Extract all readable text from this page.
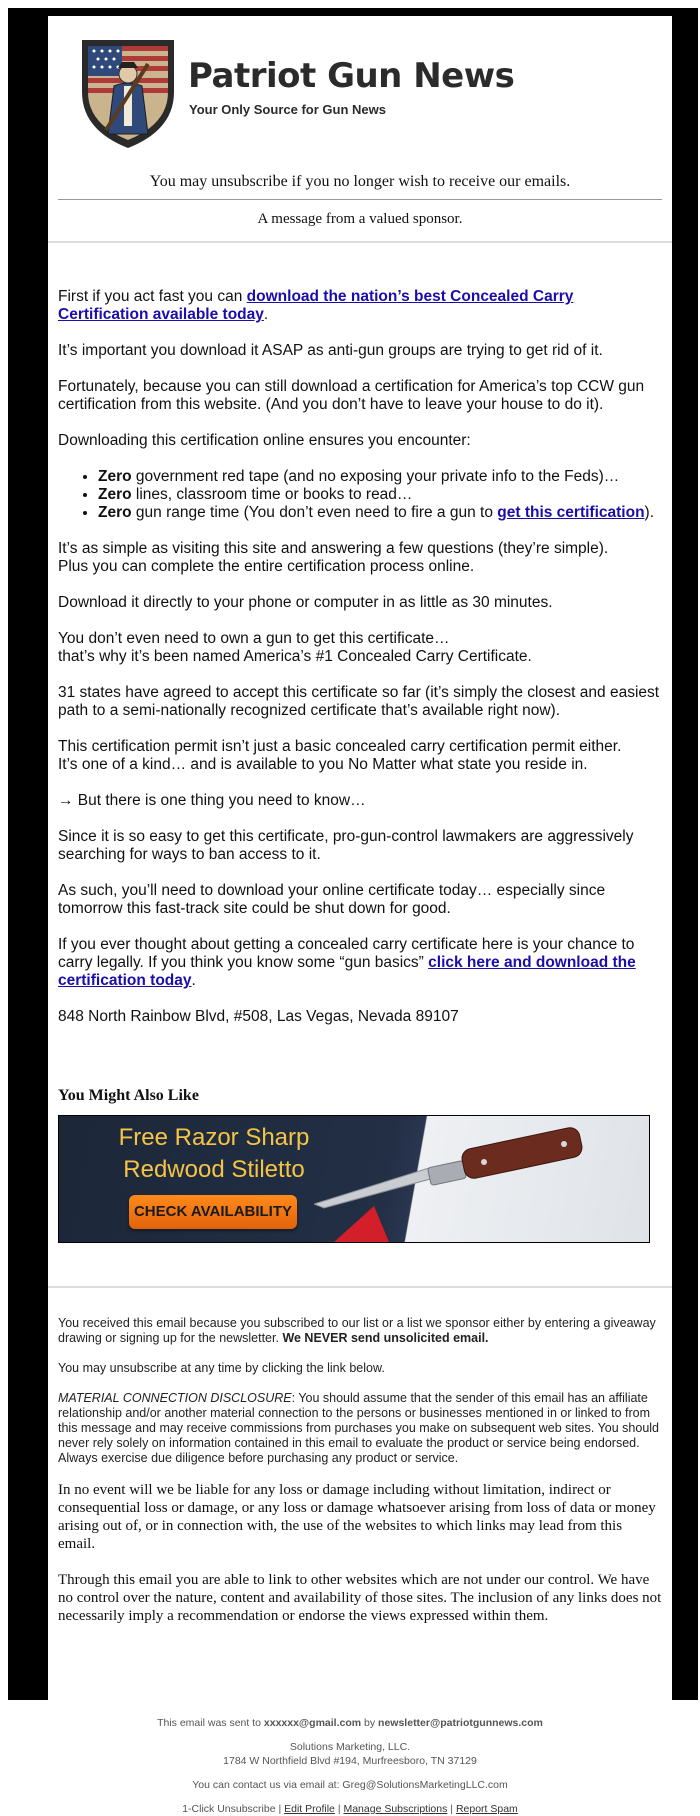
Patriot Gun News
Your Only Source for Gun News
You may unsubscribe if you no longer wish to receive our emails.
A message from a valued sponsor.

First if you act fast you can download the nation’s best Concealed Carry Certification available today.

It’s important you download it ASAP as anti-gun groups are trying to get rid of it.

Fortunately, because you can still download a certification for America’s top CCW gun certification from this website. (And you don’t have to leave your house to do it).

Downloading this certification online ensures you encounter:

• Zero government red tape (and no exposing your private info to the Feds)…
• Zero lines, classroom time or books to read…
• Zero gun range time (You don’t even need to fire a gun to get this certification).

It’s as simple as visiting this site and answering a few questions (they’re simple).
Plus you can complete the entire certification process online.

Download it directly to your phone or computer in as little as 30 minutes.

You don’t even need to own a gun to get this certificate…
that’s why it’s been named America’s #1 Concealed Carry Certificate.

31 states have agreed to accept this certificate so far (it’s simply the closest and easiest path to a semi-nationally recognized certificate that’s available right now).

This certification permit isn’t just a basic concealed carry certification permit either.
It’s one of a kind… and is available to you No Matter what state you reside in.

→ But there is one thing you need to know…

Since it is so easy to get this certificate, pro-gun-control lawmakers are aggressively searching for ways to ban access to it.

As such, you’ll need to download your online certificate today… especially since tomorrow this fast-track site could be shut down for good.

If you ever thought about getting a concealed carry certificate here is your chance to carry legally. If you think you know some “gun basics” click here and download the certification today.

848 North Rainbow Blvd, #508, Las Vegas, Nevada 89107

You Might Also Like
Free Razor Sharp
Redwood Stiletto
CHECK AVAILABILITY

You received this email because you subscribed to our list or a list we sponsor either by entering a giveaway drawing or signing up for the newsletter. We NEVER send unsolicited email.

You may unsubscribe at any time by clicking the link below.

MATERIAL CONNECTION DISCLOSURE: You should assume that the sender of this email has an affiliate relationship and/or another material connection to the persons or businesses mentioned in or linked to from this message and may receive commissions from purchases you make on subsequent web sites. You should never rely solely on information contained in this email to evaluate the product or service being endorsed. Always exercise due diligence before purchasing any product or service.

In no event will we be liable for any loss or damage including without limitation, indirect or consequential loss or damage, or any loss or damage whatsoever arising from loss of data or money arising out of, or in connection with, the use of the websites to which links may lead from this email.

Through this email you are able to link to other websites which are not under our control. We have no control over the nature, content and availability of those sites. The inclusion of any links does not necessarily imply a recommendation or endorse the views expressed within them.

This email was sent to xxxxxx@gmail.com by newsletter@patriotgunnews.com
Solutions Marketing, LLC.
1784 W Northfield Blvd #194, Murfreesboro, TN 37129
You can contact us via email at: Greg@SolutionsMarketingLLC.com
1-Click Unsubscribe | Edit Profile | Manage Subscriptions | Report Spam
